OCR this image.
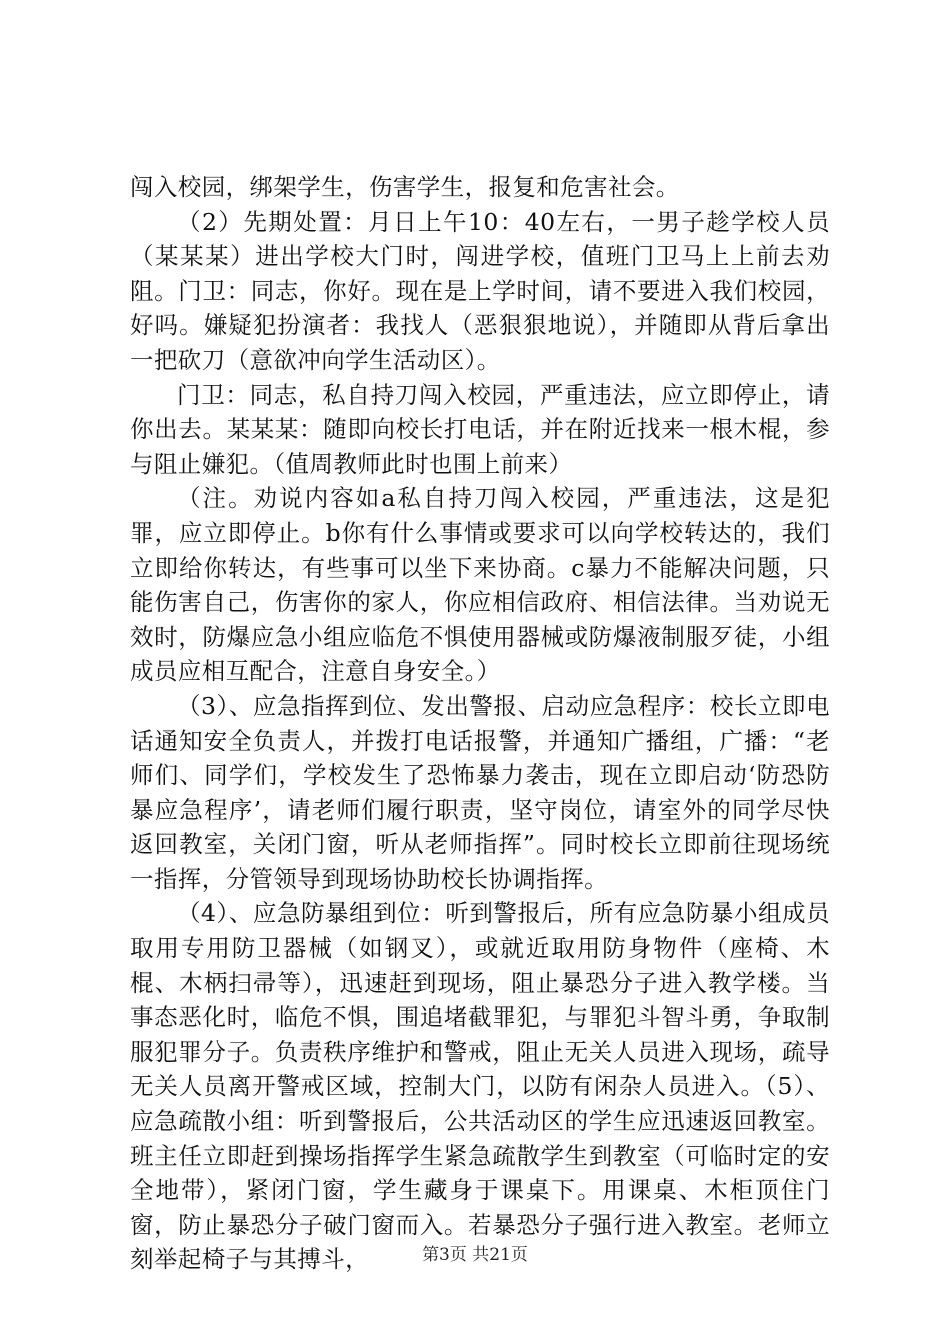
闯入校园，绑架学生，伤害学生，报复和危害社会。

（2）先期处置：月日上午10：40左右，一男子趁学校人员（某某某）进出学校大门时，闯进学校，值班门卫马上上前去劝阻。门卫：同志，你好。现在是上学时间，请不要进入我们校园，好吗。嫌疑犯扮演者：我找人（恶狠狠地说），并随即从背后拿出一把砍刀（意欲冲向学生活动区）。

门卫：同志，私自持刀闯入校园，严重违法，应立即停止，请你出去。某某某：随即向校长打电话，并在附近找来一根木棍，参与阻止嫌犯。（值周教师此时也围上前来）

（注。劝说内容如a私自持刀闯入校园，严重违法，这是犯罪，应立即停止。b你有什么事情或要求可以向学校转达的，我们立即给你转达，有些事可以坐下来协商。c暴力不能解决问题，只能伤害自己，伤害你的家人，你应相信政府、相信法律。当劝说无效时，防爆应急小组应临危不惧使用器械或防爆液制服歹徒，小组成员应相互配合，注意自身安全。）

（3）、应急指挥到位、发出警报、启动应急程序：校长立即电话通知安全负责人，并拨打电话报警，并通知广播组，广播：“老师们、同学们，学校发生了恐怖暴力袭击，现在立即启动‘防恐防暴应急程序’，请老师们履行职责，坚守岗位，请室外的同学尽快返回教室，关闭门窗，听从老师指挥”。同时校长立即前往现场统一指挥，分管领导到现场协助校长协调指挥。

（4）、应急防暴组到位：听到警报后，所有应急防暴小组成员取用专用防卫器械（如钢叉），或就近取用防身物件（座椅、木棍、木柄扫帚等），迅速赶到现场，阻止暴恐分子进入教学楼。当事态恶化时，临危不惧，围追堵截罪犯，与罪犯斗智斗勇，争取制服犯罪分子。负责秩序维护和警戒，阻止无关人员进入现场，疏导无关人员离开警戒区域，控制大门，以防有闲杂人员进入。（5）、应急疏散小组：听到警报后，公共活动区的学生应迅速返回教室。班主任立即赶到操场指挥学生紧急疏散学生到教室（可临时定的安全地带），紧闭门窗，学生藏身于课桌下。用课桌、木柜顶住门窗，防止暴恐分子破门窗而入。若暴恐分子强行进入教室。老师立刻举起椅子与其搏斗，	第3页 共21页
